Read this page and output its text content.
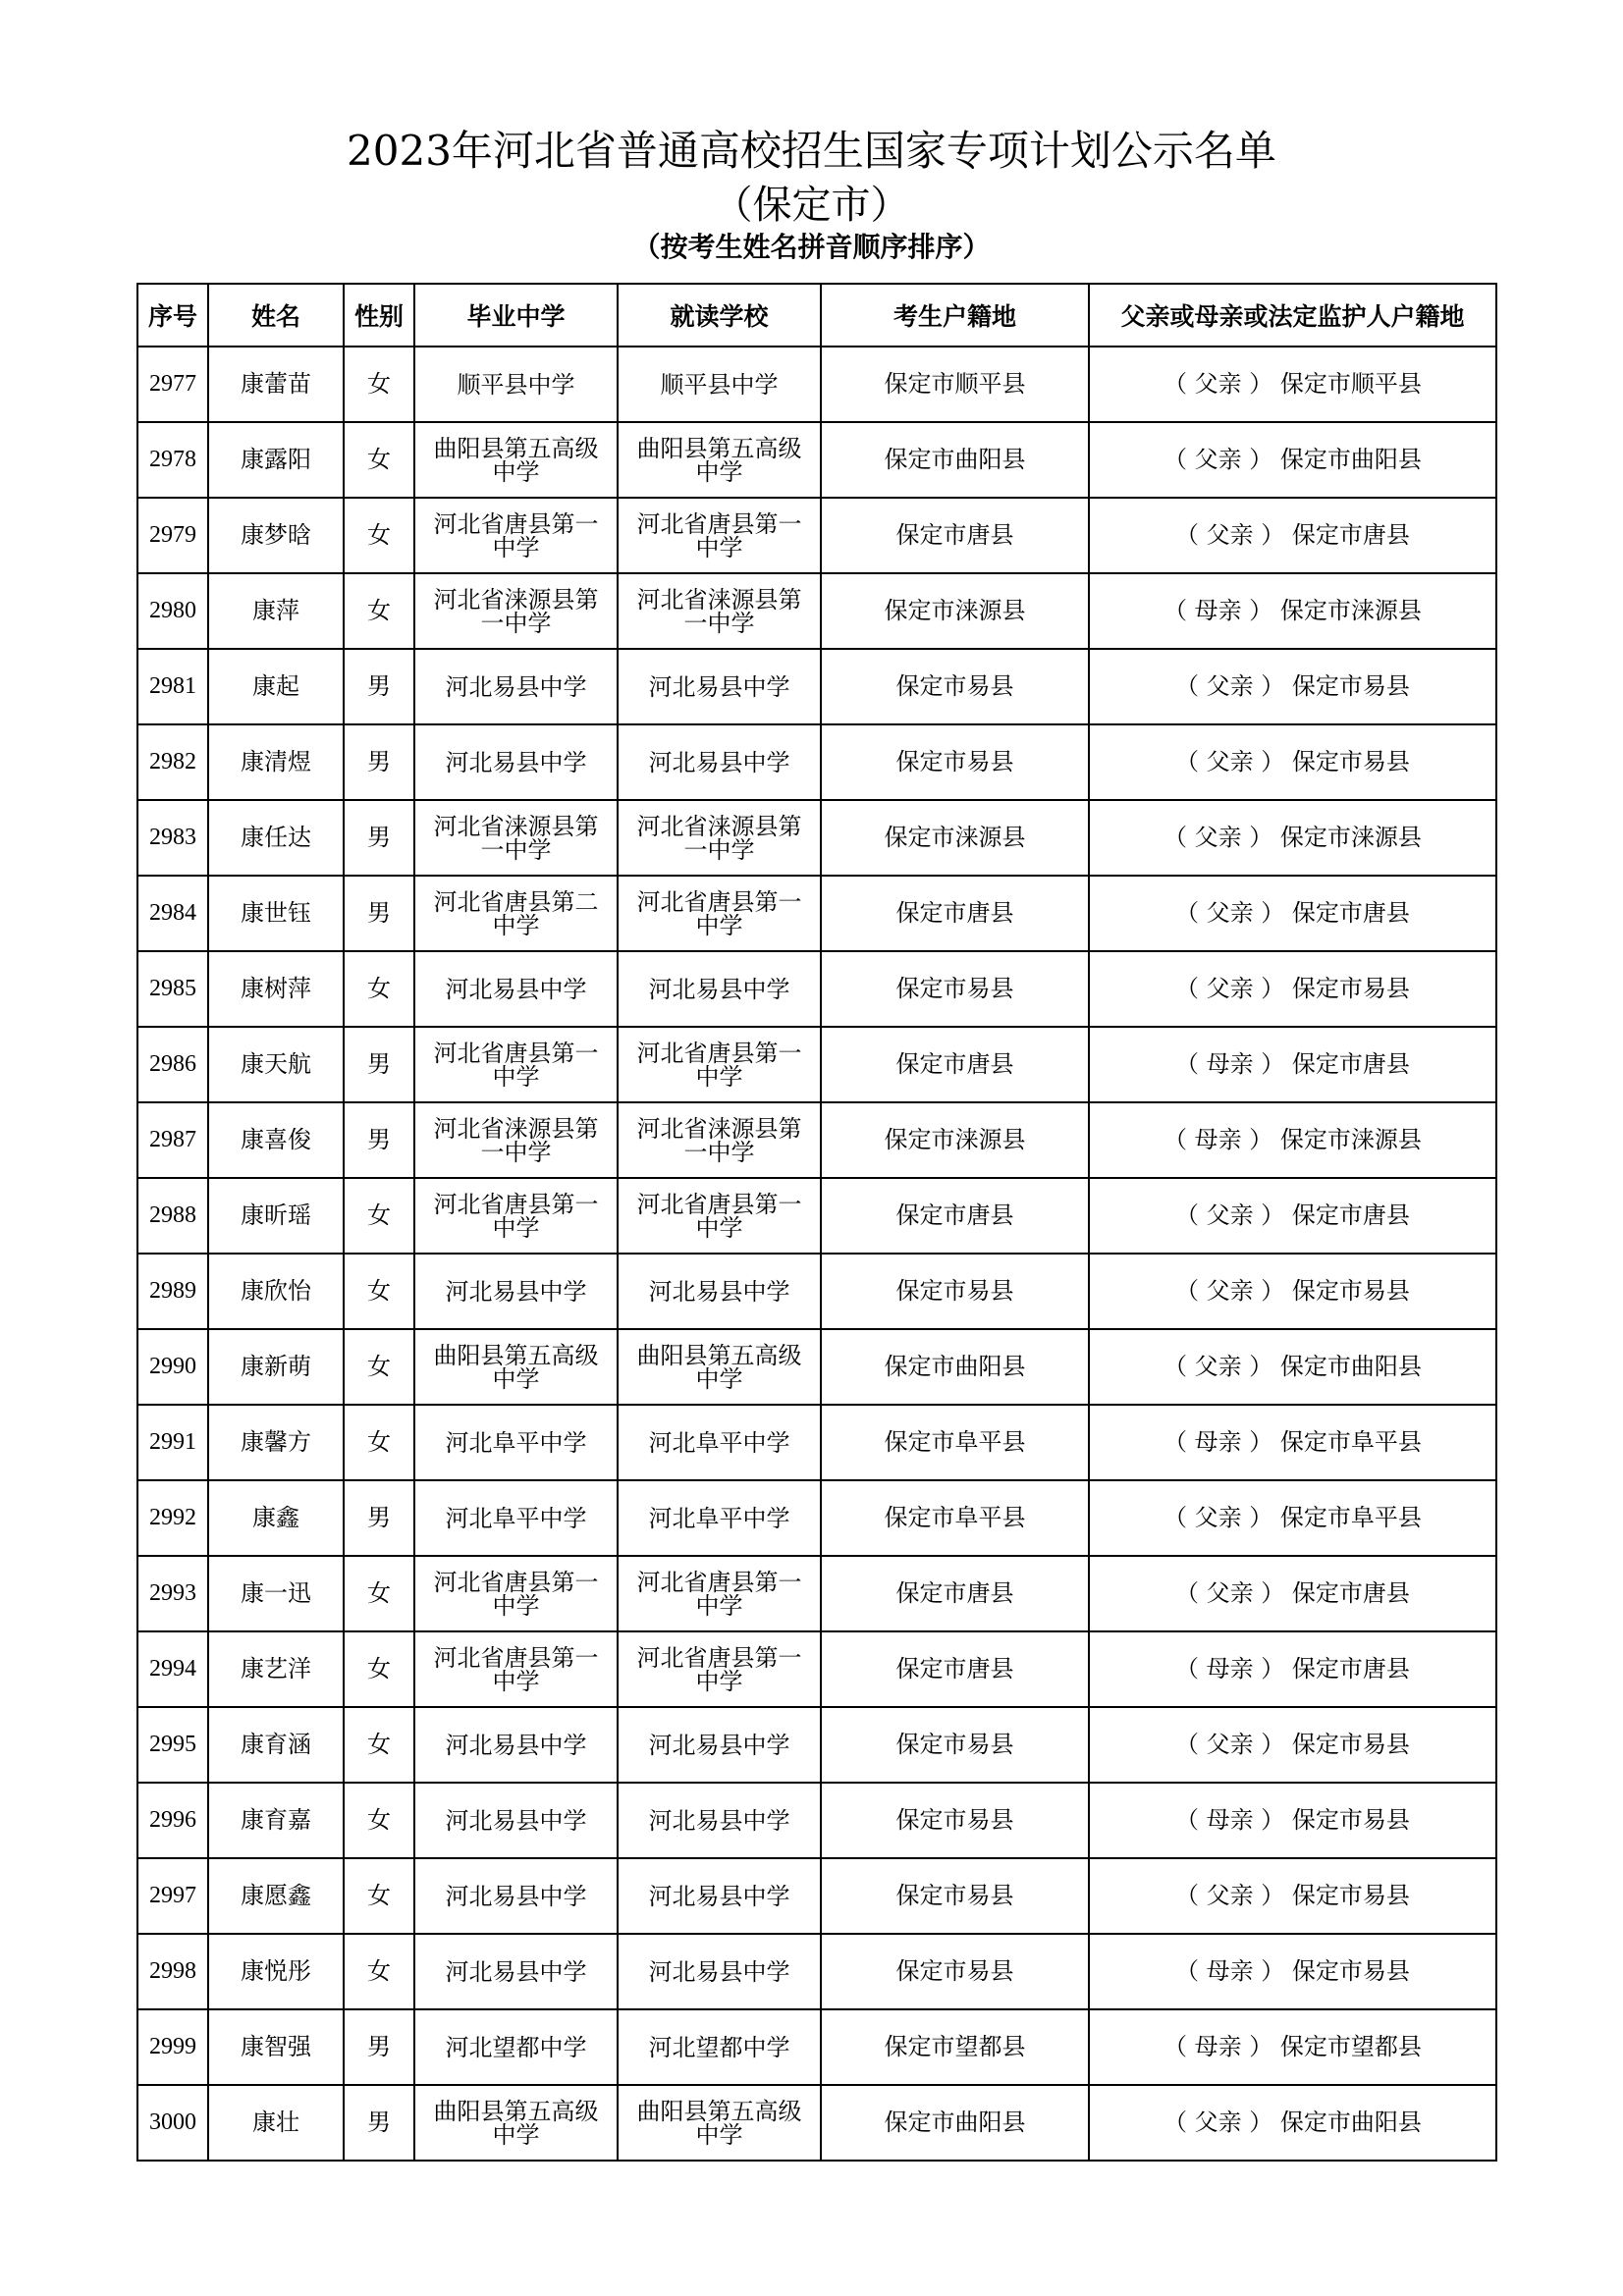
2023年河北省普通高校招生国家专项计划公示名单
（保定市）
（按考生姓名拼音顺序排序）
序号	姓名	性别	毕业中学	就读学校	考生户籍地	父亲或母亲或法定监护人户籍地
2977	康蕾苗	女	顺平县中学	顺平县中学	保定市顺平县	（ 父亲 ） 保定市顺平县
2978	康露阳	女	曲阳县第五高级中学	曲阳县第五高级中学	保定市曲阳县	（ 父亲 ） 保定市曲阳县
2979	康梦晗	女	河北省唐县第一中学	河北省唐县第一中学	保定市唐县	（ 父亲 ） 保定市唐县
2980	康萍	女	河北省涞源县第一中学	河北省涞源县第一中学	保定市涞源县	（ 母亲 ） 保定市涞源县
2981	康起	男	河北易县中学	河北易县中学	保定市易县	（ 父亲 ） 保定市易县
2982	康清煜	男	河北易县中学	河北易县中学	保定市易县	（ 父亲 ） 保定市易县
2983	康任达	男	河北省涞源县第一中学	河北省涞源县第一中学	保定市涞源县	（ 父亲 ） 保定市涞源县
2984	康世钰	男	河北省唐县第二中学	河北省唐县第一中学	保定市唐县	（ 父亲 ） 保定市唐县
2985	康树萍	女	河北易县中学	河北易县中学	保定市易县	（ 父亲 ） 保定市易县
2986	康天航	男	河北省唐县第一中学	河北省唐县第一中学	保定市唐县	（ 母亲 ） 保定市唐县
2987	康喜俊	男	河北省涞源县第一中学	河北省涞源县第一中学	保定市涞源县	（ 母亲 ） 保定市涞源县
2988	康昕瑶	女	河北省唐县第一中学	河北省唐县第一中学	保定市唐县	（ 父亲 ） 保定市唐县
2989	康欣怡	女	河北易县中学	河北易县中学	保定市易县	（ 父亲 ） 保定市易县
2990	康新萌	女	曲阳县第五高级中学	曲阳县第五高级中学	保定市曲阳县	（ 父亲 ） 保定市曲阳县
2991	康馨方	女	河北阜平中学	河北阜平中学	保定市阜平县	（ 母亲 ） 保定市阜平县
2992	康鑫	男	河北阜平中学	河北阜平中学	保定市阜平县	（ 父亲 ） 保定市阜平县
2993	康一迅	女	河北省唐县第一中学	河北省唐县第一中学	保定市唐县	（ 父亲 ） 保定市唐县
2994	康艺洋	女	河北省唐县第一中学	河北省唐县第一中学	保定市唐县	（ 母亲 ） 保定市唐县
2995	康育涵	女	河北易县中学	河北易县中学	保定市易县	（ 父亲 ） 保定市易县
2996	康育嘉	女	河北易县中学	河北易县中学	保定市易县	（ 母亲 ） 保定市易县
2997	康愿鑫	女	河北易县中学	河北易县中学	保定市易县	（ 父亲 ） 保定市易县
2998	康悦彤	女	河北易县中学	河北易县中学	保定市易县	（ 母亲 ） 保定市易县
2999	康智强	男	河北望都中学	河北望都中学	保定市望都县	（ 母亲 ） 保定市望都县
3000	康壮	男	曲阳县第五高级中学	曲阳县第五高级中学	保定市曲阳县	（ 父亲 ） 保定市曲阳县
